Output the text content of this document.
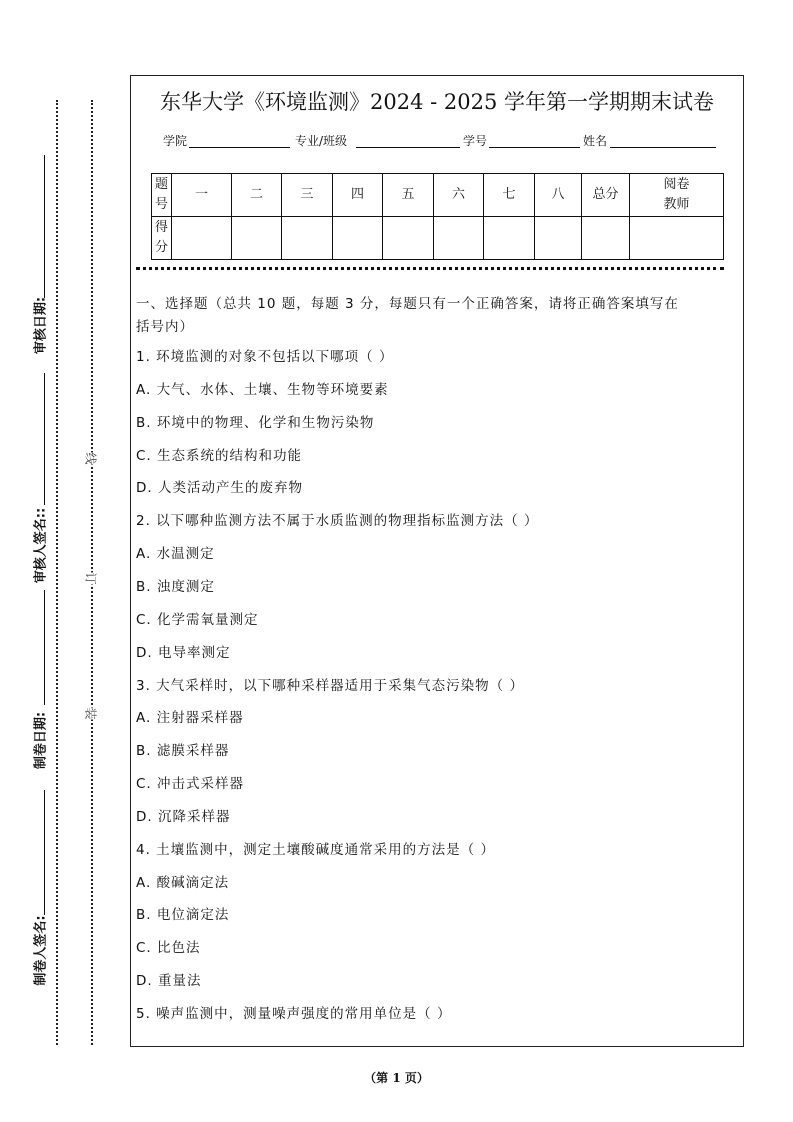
审核日期:
审核人签名::
制卷日期:
制卷人签名:
线
订
装
东华大学《环境监测》2024 - 2025 学年第一学期期末试卷
学院	专业/班级	学号	姓名
题号	一	二	三	四	五	六	七	八	总分	阅卷教师
得分										
一、选择题（总共 10 题，每题 3 分，每题只有一个正确答案，请将正确答案填写在
括号内）
1. 环境监测的对象不包括以下哪项（ ）
A. 大气、水体、土壤、生物等环境要素
B. 环境中的物理、化学和生物污染物
C. 生态系统的结构和功能
D. 人类活动产生的废弃物
2. 以下哪种监测方法不属于水质监测的物理指标监测方法（ ）
A. 水温测定
B. 浊度测定
C. 化学需氧量测定
D. 电导率测定
3. 大气采样时，以下哪种采样器适用于采集气态污染物（ ）
A. 注射器采样器
B. 滤膜采样器
C. 冲击式采样器
D. 沉降采样器
4. 土壤监测中，测定土壤酸碱度通常采用的方法是（ ）
A. 酸碱滴定法
B. 电位滴定法
C. 比色法
D. 重量法
5. 噪声监测中，测量噪声强度的常用单位是（ ）
（第 1 页）
